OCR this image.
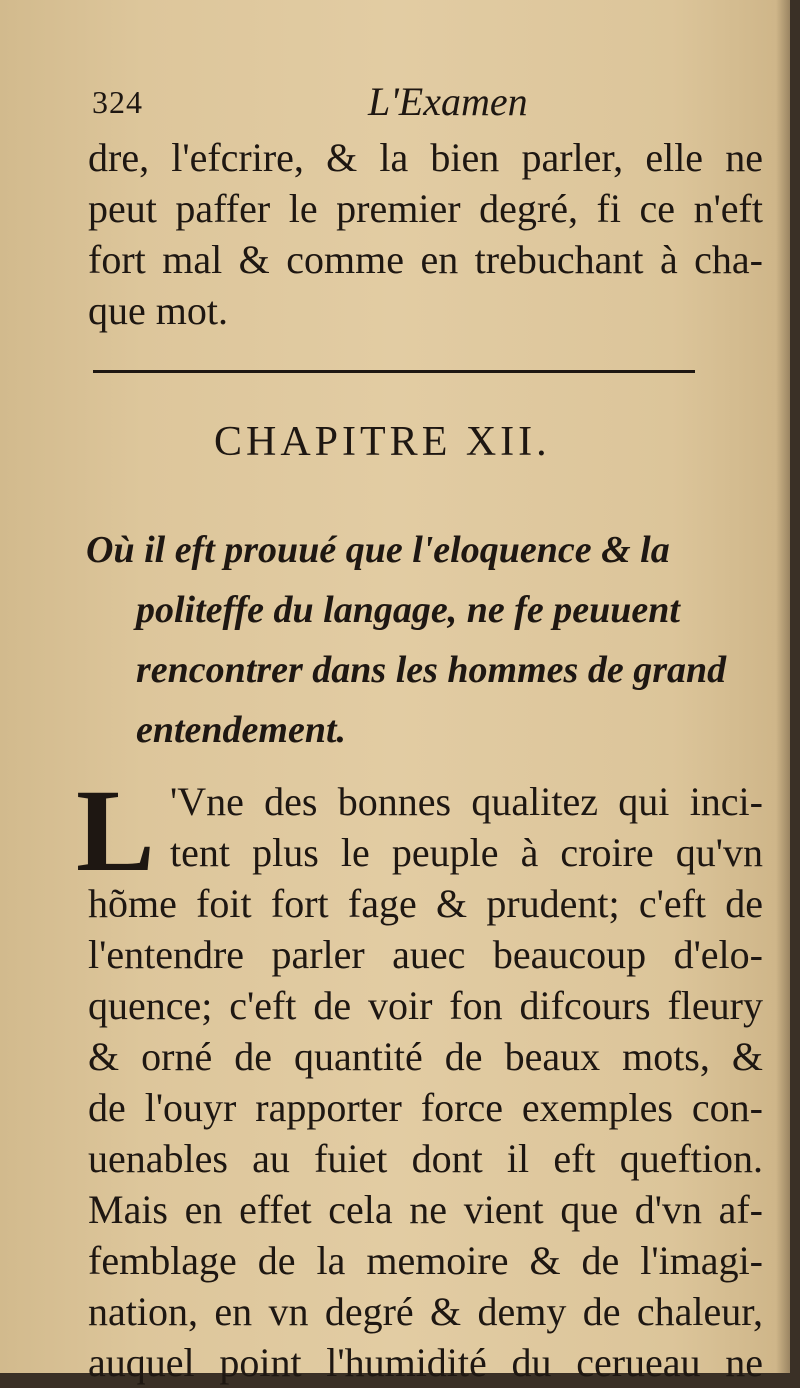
324	L'Examen
dre, l'efcrire, & la bien parler, elle ne
peut paffer le premier degré, fi ce n'eft
fort mal & comme en trebuchant à cha-
que mot.
CHAPITRE XII.
Où il eft prouué que l'eloquence & la
politeffe du langage, ne fe peuuent
rencontrer dans les hommes de grand
entendement.
L 'Vne des bonnes qualitez qui inci-
tent plus le peuple à croire qu'vn
hõme foit fort fage & prudent; c'eft de
l'entendre parler auec beaucoup d'elo-
quence; c'eft de voir fon difcours fleury
& orné de quantité de beaux mots, &
de l'ouyr rapporter force exemples con-
uenables au fuiet dont il eft queftion.
Mais en effet cela ne vient que d'vn af-
femblage de la memoire & de l'imagi-
nation, en vn degré & demy de chaleur,
auquel point l'humidité du cerueau ne
